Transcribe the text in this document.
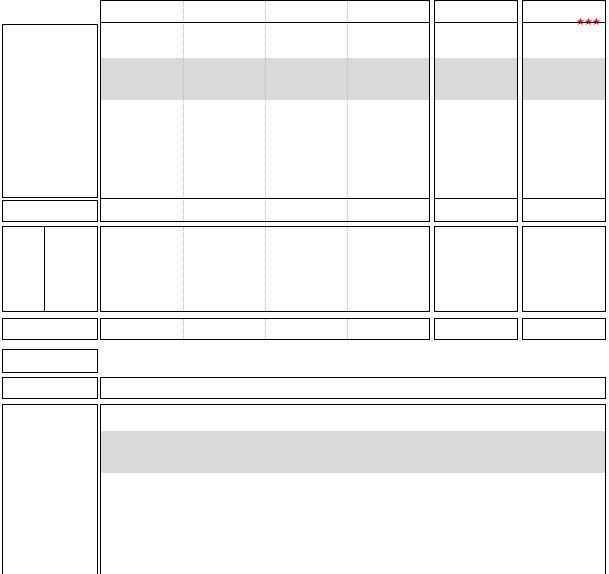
★★★
